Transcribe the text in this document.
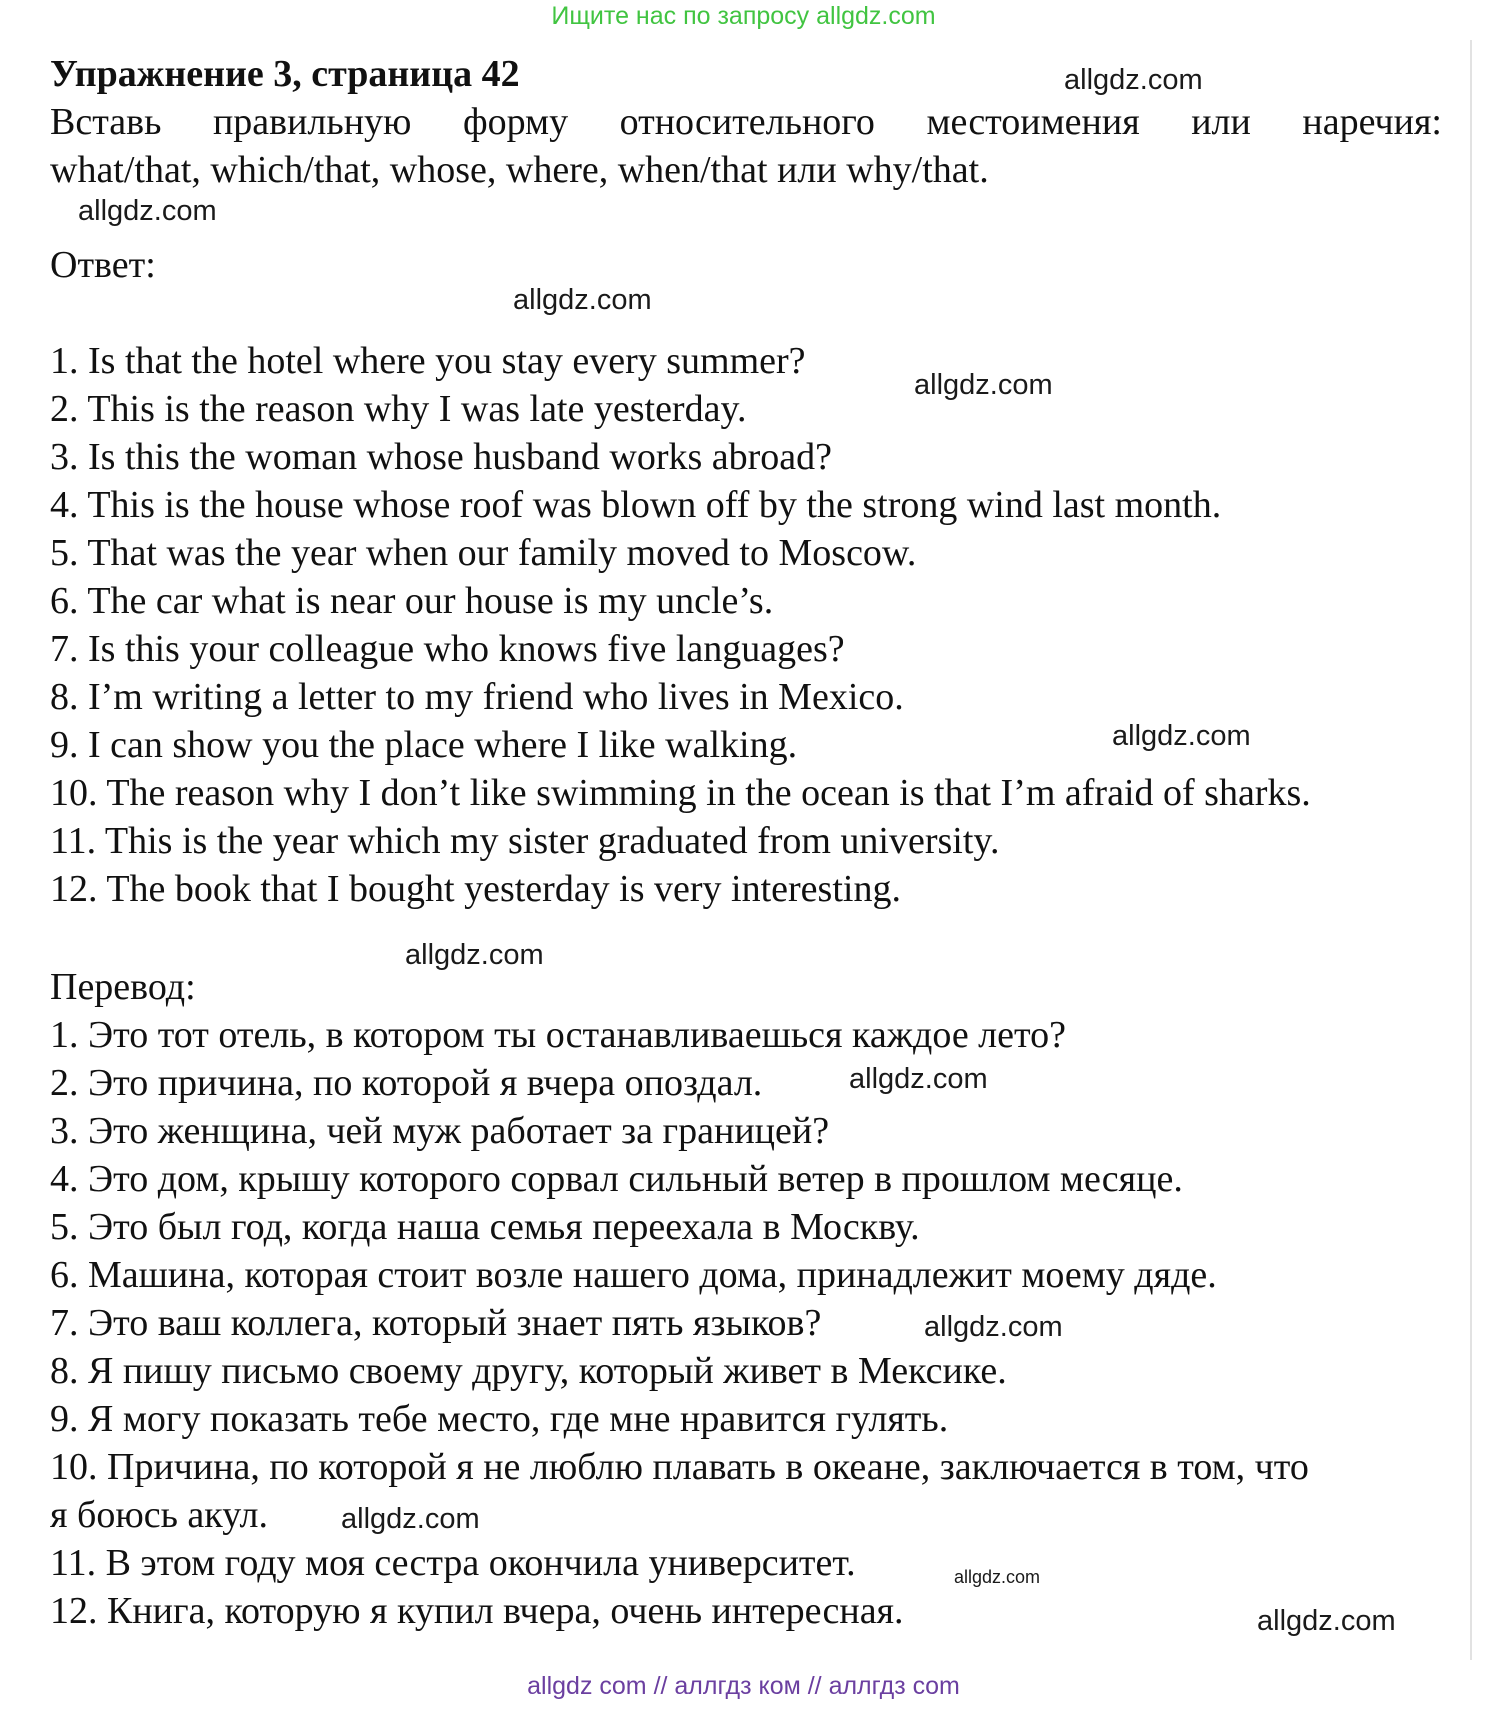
Ищите нас по запросу allgdz.com
Упражнение 3, страница 42
Вставь правильную форму относительного местоимения или наречия:
what/that, which/that, whose, where, when/that или why/that.
Ответ:
1. Is that the hotel where you stay every summer?
2. This is the reason why I was late yesterday.
3. Is this the woman whose husband works abroad?
4. This is the house whose roof was blown off by the strong wind last month.
5. That was the year when our family moved to Moscow.
6. The car what is near our house is my uncle’s.
7. Is this your colleague who knows five languages?
8. I’m writing a letter to my friend who lives in Mexico.
9. I can show you the place where I like walking.
10. The reason why I don’t like swimming in the ocean is that I’m afraid of sharks.
11. This is the year which my sister graduated from university.
12. The book that I bought yesterday is very interesting.
Перевод:
1. Это тот отель, в котором ты останавливаешься каждое лето?
2. Это причина, по которой я вчера опоздал.
3. Это женщина, чей муж работает за границей?
4. Это дом, крышу которого сорвал сильный ветер в прошлом месяце.
5. Это был год, когда наша семья переехала в Москву.
6. Машина, которая стоит возле нашего дома, принадлежит моему дяде.
7. Это ваш коллега, который знает пять языков?
8. Я пишу письмо своему другу, который живет в Мексике.
9. Я могу показать тебе место, где мне нравится гулять.
10. Причина, по которой я не люблю плавать в океане, заключается в том, что
я боюсь акул.
11. В этом году моя сестра окончила университет.
12. Книга, которую я купил вчера, очень интересная.
allgdz.com
allgdz.com
allgdz.com
allgdz.com
allgdz.com
allgdz.com
allgdz.com
allgdz.com
allgdz.com
allgdz.com
allgdz.com
allgdz com // аллгдз ком // аллгдз com
